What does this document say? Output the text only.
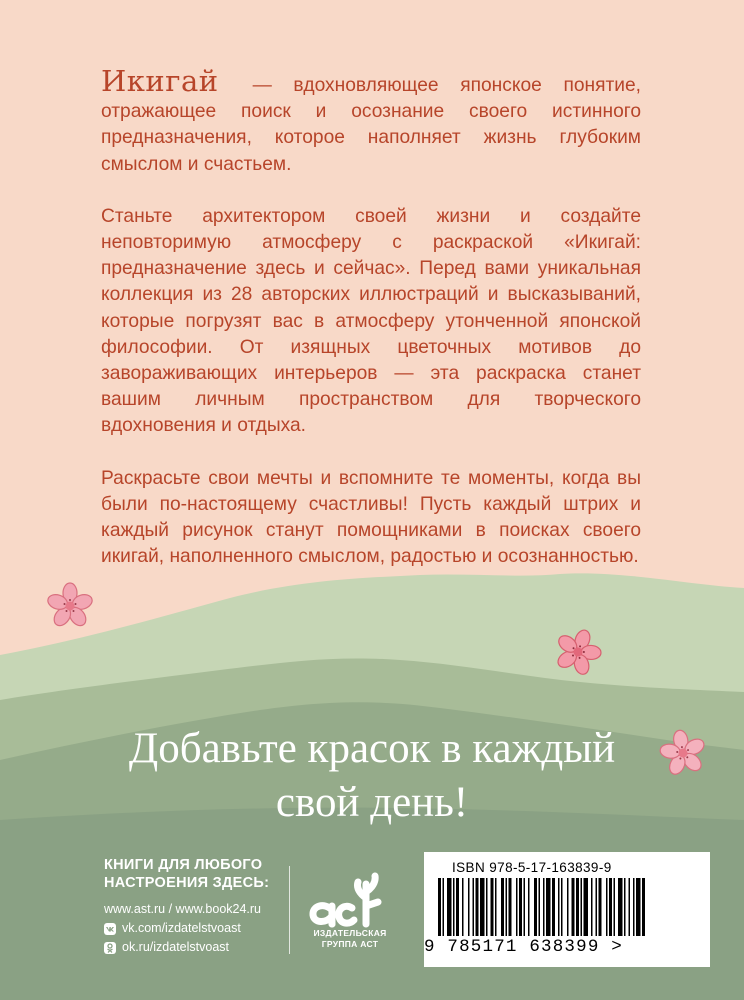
Икигай — вдохновляющее японское понятие, отражающее поиск и осознание своего истинного предназначения, которое наполняет жизнь глубоким смыслом и счастьем.

Станьте архитектором своей жизни и создайте неповторимую атмосферу с раскраской «Икигай: предназначение здесь и сейчас». Перед вами уникальная коллекция из 28 авторских иллюстраций и высказываний, которые погрузят вас в атмосферу утонченной японской философии. От изящных цветочных мотивов до завораживающих интерьеров — эта раскраска станет вашим личным пространством для творческого вдохновения и отдыха.

Раскрасьте свои мечты и вспомните те моменты, когда вы были по-настоящему счастливы! Пусть каждый штрих и каждый рисунок станут помощниками в поисках своего икигай, наполненного смыслом, радостью и осознанностью.

Добавьте красок в каждый
свой день!
КНИГИ ДЛЯ ЛЮБОГО
НАСТРОЕНИЯ ЗДЕСЬ:
www.ast.ru / www.book24.ru
vk.com/izdatelstvoast
ok.ru/izdatelstvoast
ИЗДАТЕЛЬСКАЯ
ГРУППА АСТ
ISBN 978-5-17-163839-9
9 785171 638399 >
